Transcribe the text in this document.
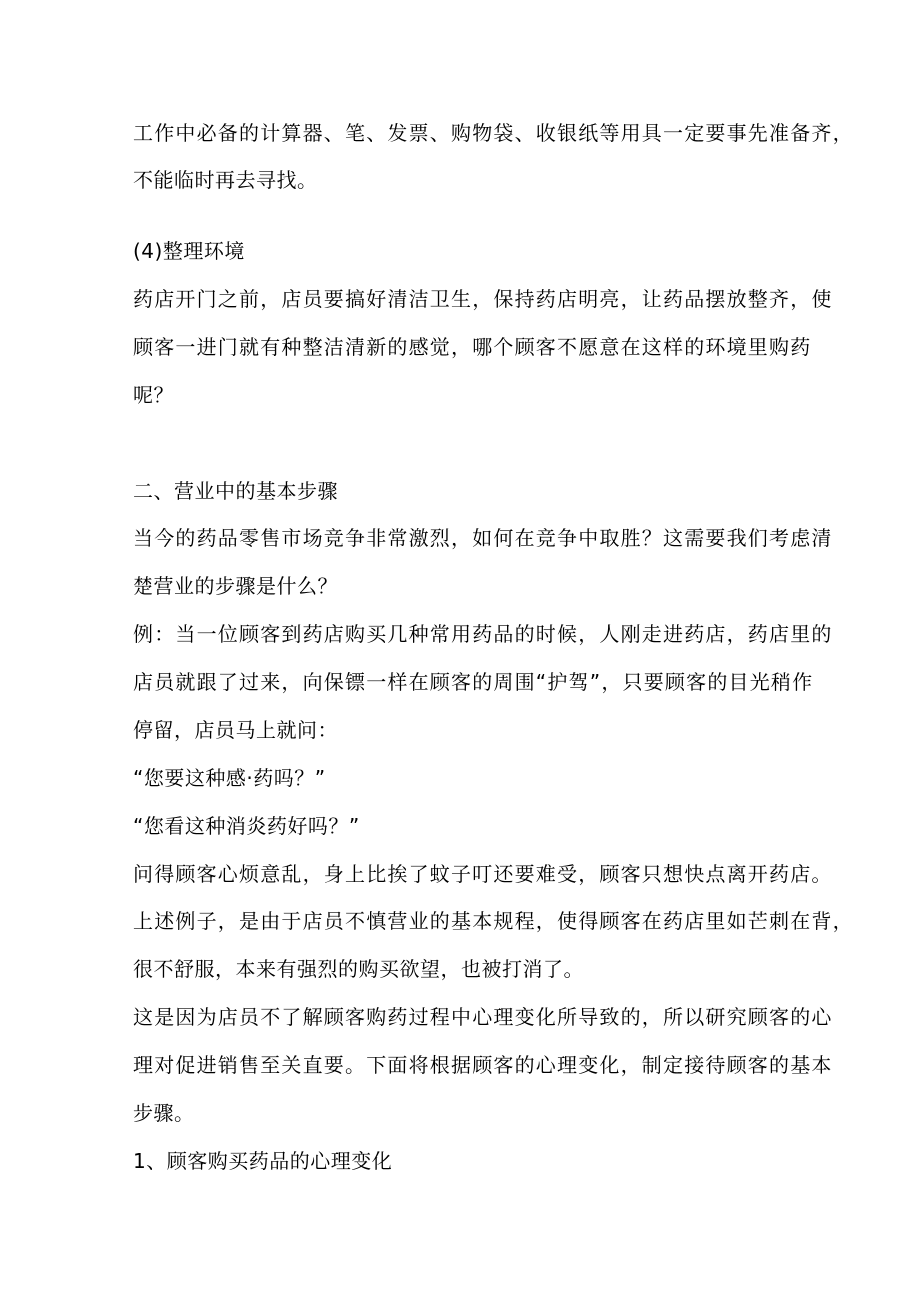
工作中必备的计算器、笔、发票、购物袋、收银纸等用具一定要事先准备齐，
不能临时再去寻找。
(4)整理环境
药店开门之前，店员要搞好清洁卫生，保持药店明亮，让药品摆放整齐，使
顾客一进门就有种整洁清新的感觉，哪个顾客不愿意在这样的环境里购药
呢？
二、营业中的基本步骤
当今的药品零售市场竞争非常激烈，如何在竞争中取胜？这需要我们考虑清
楚营业的步骤是什么？
例：当一位顾客到药店购买几种常用药品的时候，人刚走进药店，药店里的
店员就跟了过来，向保镖一样在顾客的周围“护驾”，只要顾客的目光稍作
停留，店员马上就问：
“您要这种感·药吗？”
“您看这种消炎药好吗？”
问得顾客心烦意乱，身上比挨了蚊子叮还要难受，顾客只想快点离开药店。
上述例子，是由于店员不慎营业的基本规程，使得顾客在药店里如芒刺在背，
很不舒服，本来有强烈的购买欲望，也被打消了。
这是因为店员不了解顾客购药过程中心理变化所导致的，所以研究顾客的心
理对促进销售至关直要。下面将根据顾客的心理变化，制定接待顾客的基本
步骤。
1、顾客购买药品的心理变化
